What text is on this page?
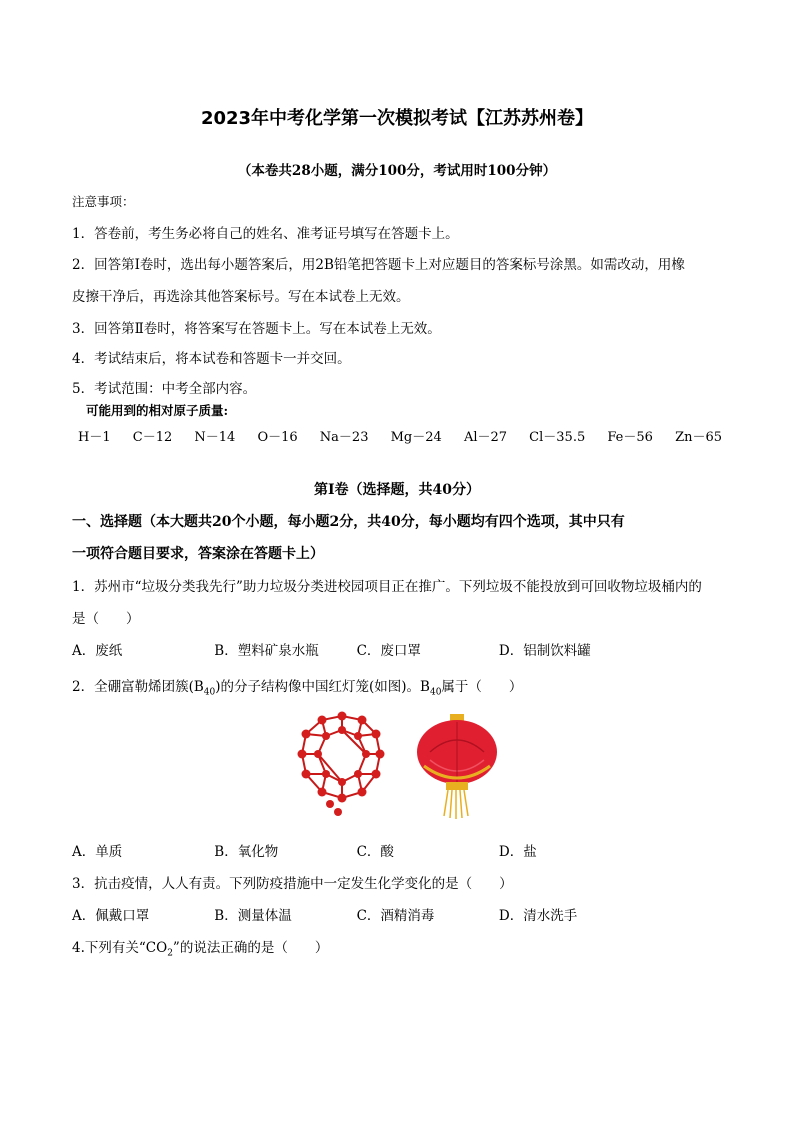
2023年中考化学第一次模拟考试【江苏苏州卷】
（本卷共28小题，满分100分，考试用时100分钟）
注意事项：
1．答卷前，考生务必将自己的姓名、准考证号填写在答题卡上。
2．回答第Ⅰ卷时，选出每小题答案后，用2B铅笔把答题卡上对应题目的答案标号涂黑。如需改动，用橡
皮擦干净后，再选涂其他答案标号。写在本试卷上无效。
3．回答第Ⅱ卷时，将答案写在答题卡上。写在本试卷上无效。
4．考试结束后，将本试卷和答题卡一并交回。
5．考试范围：中考全部内容。
可能用到的相对原子质量:
H－1 C－12 N－14 O－16 Na－23 Mg－24 Al－27 Cl－35.5 Fe－56 Zn－65
第Ⅰ卷（选择题，共40分）
一、选择题（本大题共20个小题，每小题2分，共40分，每小题均有四个选项，其中只有
一项符合题目要求，答案涂在答题卡上）
1．苏州市“垃圾分类我先行”助力垃圾分类进校园项目正在推广。下列垃圾不能投放到可回收物垃圾桶内的
是（　　）
A．废纸	B．塑料矿泉水瓶	C．废口罩	D．铝制饮料罐
2．全硼富勒烯团簇$(B_{40})$的分子结构像中国红灯笼(如图)。$B_{40}$属于（　　）
A．单质	B．氧化物	C．酸	D．盐
3．抗击疫情，人人有责。下列防疫措施中一定发生化学变化的是（　　）
A．佩戴口罩	B．测量体温	C．酒精消毒	D．清水洗手
4.下列有关“$CO_2$”的说法正确的是（　　）
